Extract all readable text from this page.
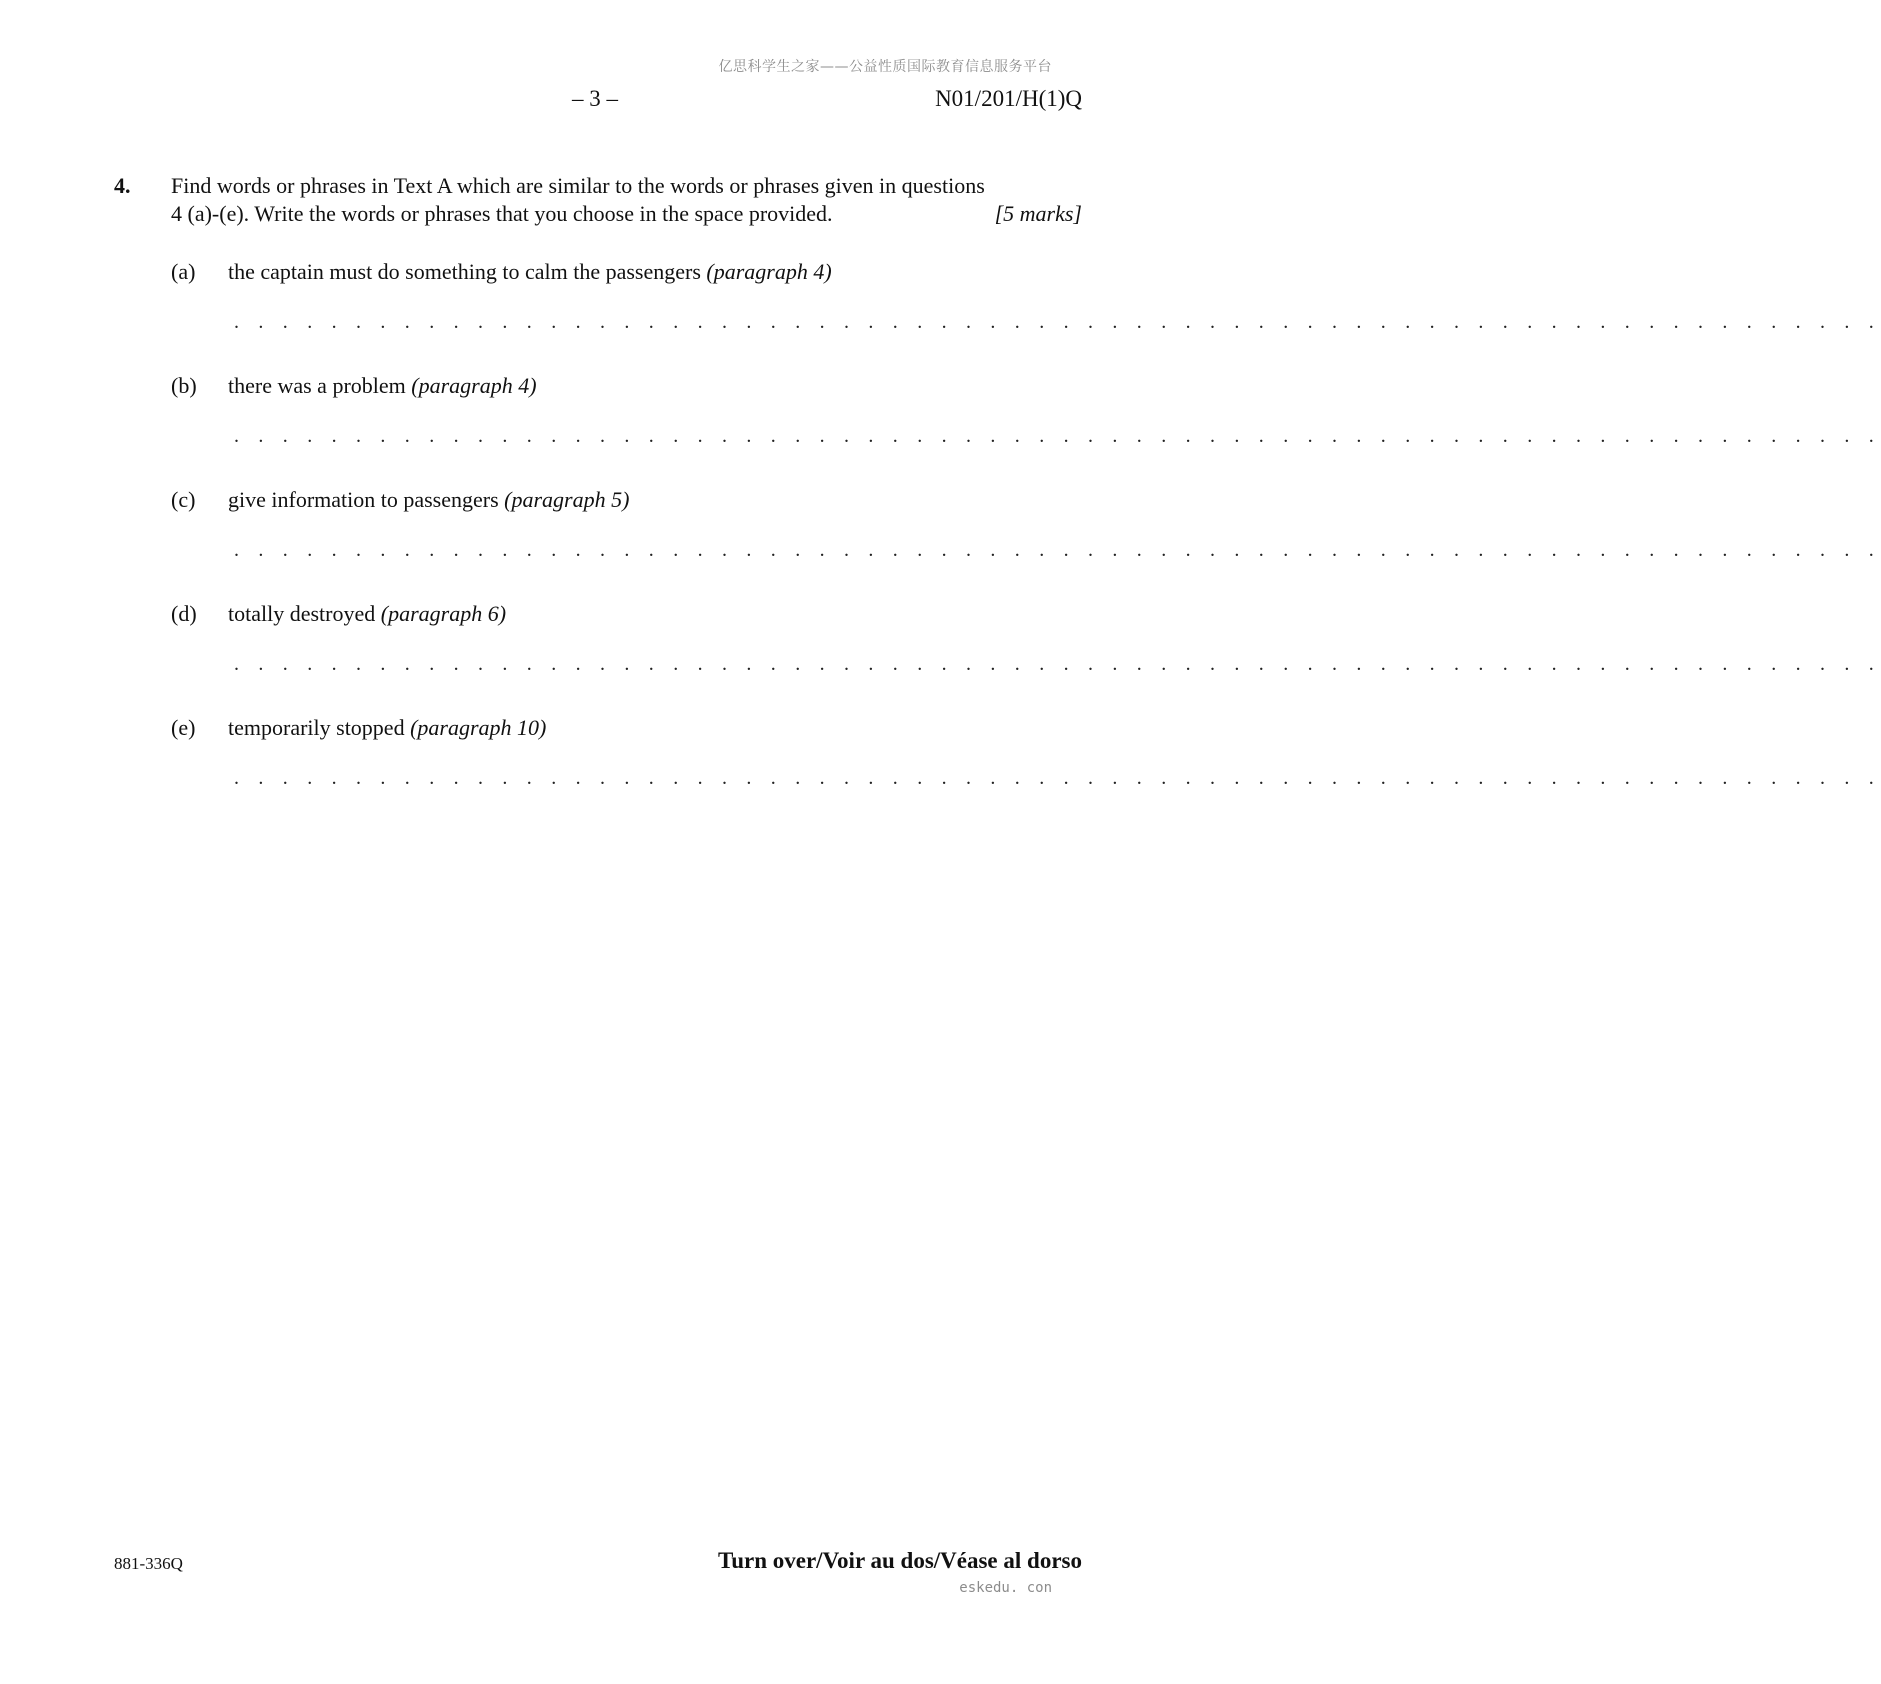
亿思科学生之家——公益性质国际教育信息服务平台
– 3 –	N01/201/H(1)Q
4. Find words or phrases in Text A which are similar to the words or phrases given in questions
4 (a)-(e). Write the words or phrases that you choose in the space provided.	[5 marks]
(a) the captain must do something to calm the passengers (paragraph 4)
. . . . . . . . . . . . . . . . . . . . . . . . . . . . . . . . . . . . . . . . . . . . . . . . . . . . . . . . . . . . . . . . . . . .
(b) there was a problem (paragraph 4)
. . . . . . . . . . . . . . . . . . . . . . . . . . . . . . . . . . . . . . . . . . . . . . . . . . . . . . . . . . . . . . . . . . . .
(c) give information to passengers (paragraph 5)
. . . . . . . . . . . . . . . . . . . . . . . . . . . . . . . . . . . . . . . . . . . . . . . . . . . . . . . . . . . . . . . . . . . .
(d) totally destroyed (paragraph 6)
. . . . . . . . . . . . . . . . . . . . . . . . . . . . . . . . . . . . . . . . . . . . . . . . . . . . . . . . . . . . . . . . . . . .
(e) temporarily stopped (paragraph 10)
. . . . . . . . . . . . . . . . . . . . . . . . . . . . . . . . . . . . . . . . . . . . . . . . . . . . . . . . . . . . . . . . . . . .
881-336Q	Turn over/Voir au dos/Véase al dorso
eskedu. con
